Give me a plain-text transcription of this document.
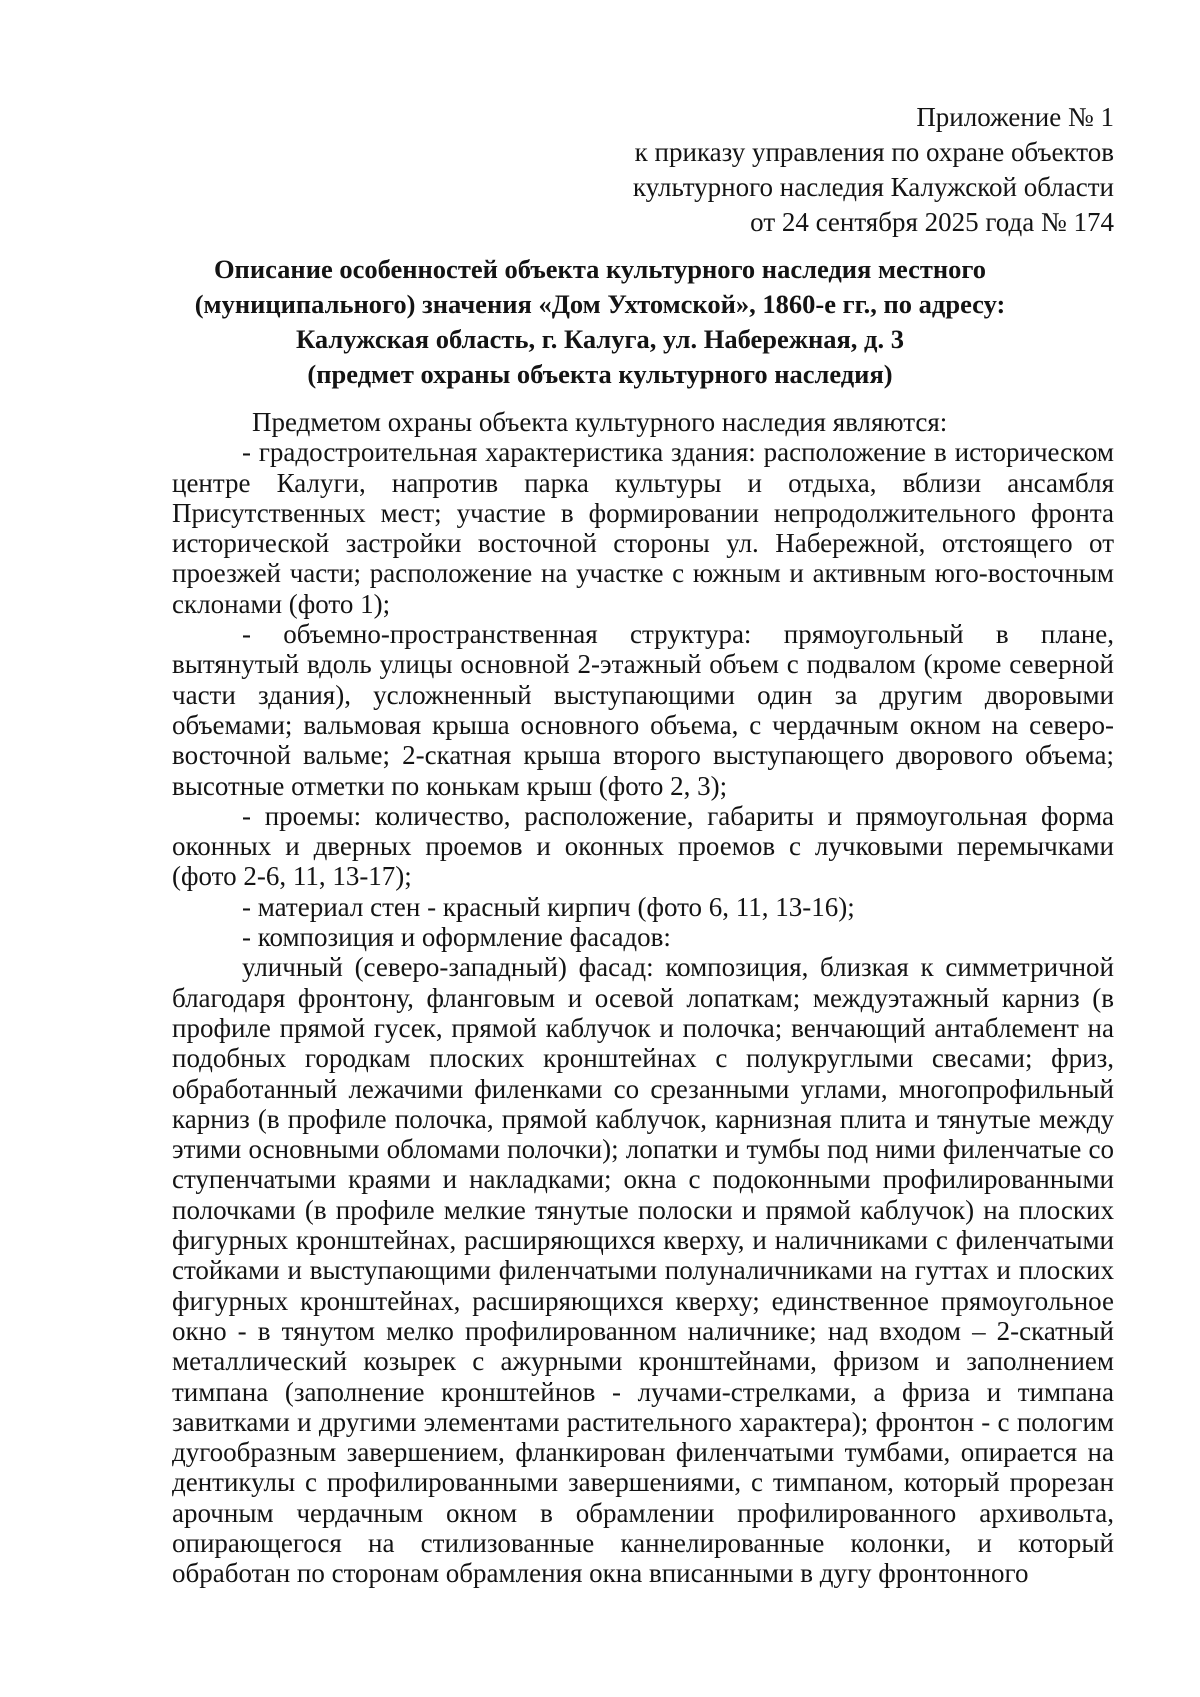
Приложение № 1
к приказу управления по охране объектов
культурного наследия Калужской области
от 24 сентября 2025 года № 174
Описание особенностей объекта культурного наследия местного
(муниципального) значения «Дом Ухтомской», 1860-е гг., по адресу:
Калужская область, г. Калуга, ул. Набережная, д. 3
(предмет охраны объекта культурного наследия)

Предметом охраны объекта культурного наследия являются:

- градостроительная характеристика здания: расположение в историческом центре Калуги, напротив парка культуры и отдыха, вблизи ансамбля Присутственных мест; участие в формировании непродолжительного фронта исторической застройки восточной стороны ул. Набережной, отстоящего от проезжей части; расположение на участке с южным и активным юго-восточным склонами (фото 1);

- объемно-пространственная структура: прямоугольный в плане, вытянутый вдоль улицы основной 2-этажный объем с подвалом (кроме северной части здания), усложненный выступающими один за другим дворовыми объемами; вальмовая крыша основного объема, с чердачным окном на северо-восточной вальме; 2-скатная крыша второго выступающего дворового объема; высотные отметки по конькам крыш (фото 2, 3);

- проемы: количество, расположение, габариты и прямоугольная форма оконных и дверных проемов и оконных проемов с лучковыми перемычками (фото 2-6, 11, 13-17);

- материал стен - красный кирпич (фото 6, 11, 13-16);

- композиция и оформление фасадов:

уличный (северо-западный) фасад: композиция, близкая к симметричной благодаря фронтону, фланговым и осевой лопаткам; междуэтажный карниз (в профиле прямой гусек, прямой каблучок и полочка; венчающий антаблемент на подобных городкам плоских кронштейнах с полукруглыми свесами; фриз, обработанный лежачими филенками со срезанными углами, многопрофильный карниз (в профиле полочка, прямой каблучок, карнизная плита и тянутые между этими основными обломами полочки); лопатки и тумбы под ними филенчатые со ступенчатыми краями и накладками; окна с подоконными профилированными полочками (в профиле мелкие тянутые полоски и прямой каблучок) на плоских фигурных кронштейнах, расширяющихся кверху, и наличниками с филенчатыми стойками и выступающими филенчатыми полуналичниками на гуттах и плоских фигурных кронштейнах, расширяющихся кверху; единственное прямоугольное окно - в тянутом мелко профилированном наличнике; над входом – 2-скатный металлический козырек с ажурными кронштейнами, фризом и заполнением тимпана (заполнение кронштейнов - лучами-стрелками, а фриза и тимпана завитками и другими элементами растительного характера); фронтон - с пологим дугообразным завершением, фланкирован филенчатыми тумбами, опирается на дентикулы с профилированными завершениями, с тимпаном, который прорезан арочным чердачным окном в обрамлении профилированного архивольта, опирающегося на стилизованные каннелированные колонки, и который обработан по сторонам обрамления окна вписанными в дугу фронтонного
